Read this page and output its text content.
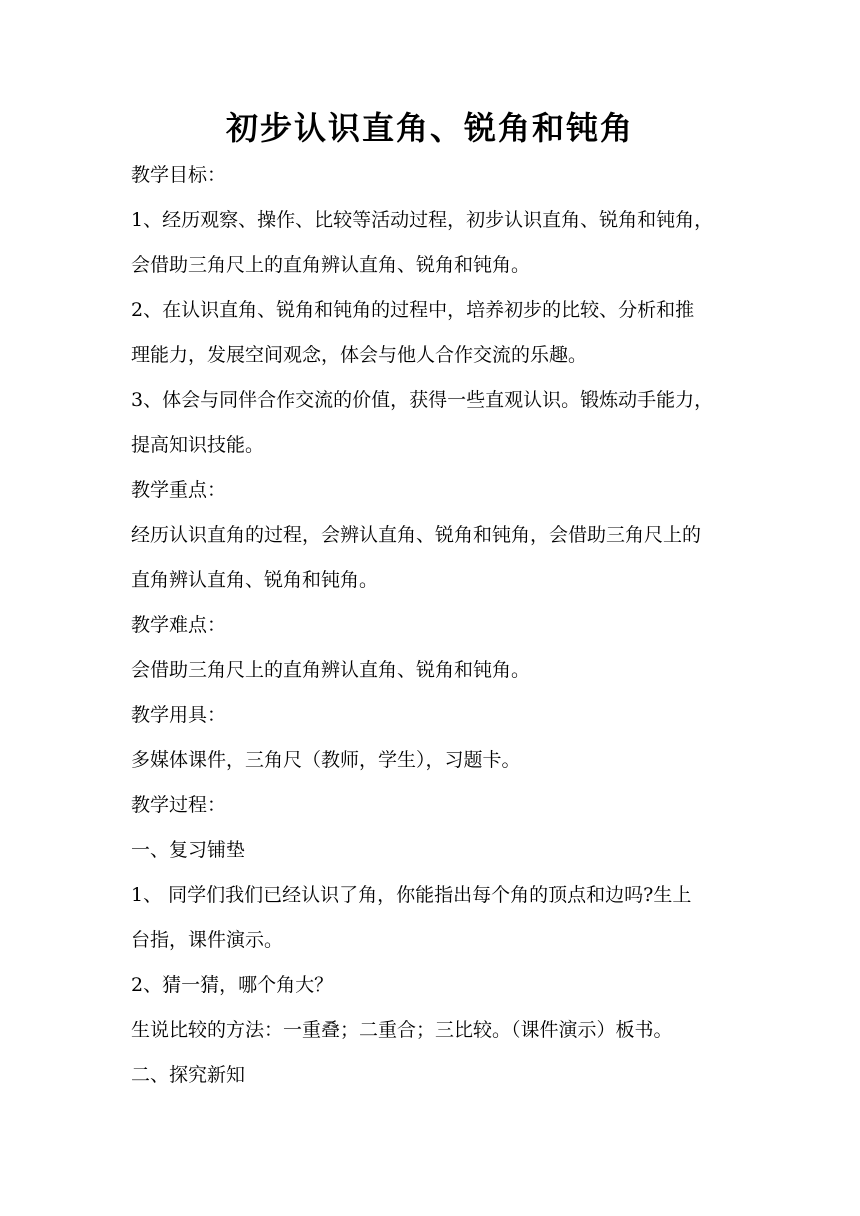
初步认识直角、锐角和钝角
教学目标：
1、经历观察、操作、比较等活动过程，初步认识直角、锐角和钝角，
会借助三角尺上的直角辨认直角、锐角和钝角。
2、在认识直角、锐角和钝角的过程中，培养初步的比较、分析和推
理能力，发展空间观念，体会与他人合作交流的乐趣。
3、体会与同伴合作交流的价值，获得一些直观认识。锻炼动手能力，
提高知识技能。
教学重点：
经历认识直角的过程，会辨认直角、锐角和钝角，会借助三角尺上的
直角辨认直角、锐角和钝角。
教学难点：
会借助三角尺上的直角辨认直角、锐角和钝角。
教学用具：
多媒体课件，三角尺（教师，学生），习题卡。
教学过程：
一、复习铺垫
1、 同学们我们已经认识了角，你能指出每个角的顶点和边吗?生上
台指，课件演示。
2、猜一猜，哪个角大？
生说比较的方法：一重叠；二重合；三比较。（课件演示）板书。
二、探究新知
